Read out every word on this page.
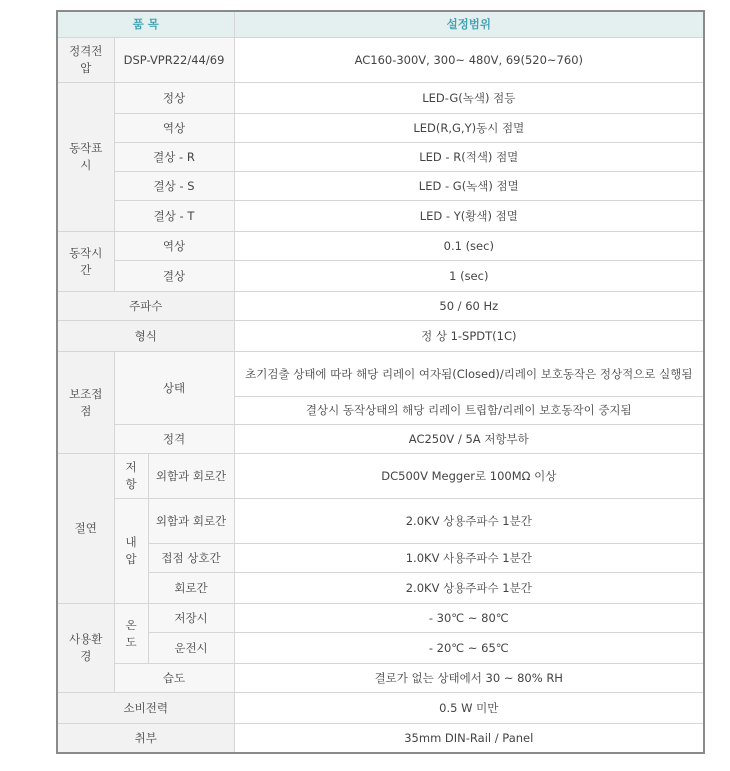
품 목			설정범위
정격전압	DSP-VPR22/44/69		AC160-300V, 300~ 480V, 69(520~760)
동작표시	정상		LED-G(녹색) 점등
	역상		LED(R,G,Y)동시 점멸
	결상 - R		LED - R(적색) 점멸
	결상 - S		LED - G(녹색) 점멸
	결상 - T		LED - Y(황색) 점멸
동작시간	역상		0.1 (sec)
	결상		1 (sec)
주파수			50 / 60 Hz
형식			정 상 1-SPDT(1C)
보조접점	상태		초기검출 상태에 따라 해당 리레이 여자됨(Closed)/리레이 보호동작은 정상적으로 실행됨
			결상시 동작상태의 해당 리레이 트립함/리레이 보호동작이 중지됨
	정격		AC250V / 5A 저항부하
절연	저항	외함과 회로간	DC500V Megger로 100MΩ 이상
	내압	외함과 회로간	2.0KV 상용주파수 1분간
		접점 상호간	1.0KV 사용주파수 1분간
		회로간	2.0KV 상용주파수 1분간
사용환경	온도	저장시	- 30℃ ~ 80℃
		운전시	- 20℃ ~ 65℃
	습도		결로가 없는 상태에서 30 ~ 80% RH
소비전력			0.5 W 미만
취부			35mm DIN-Rail / Panel
